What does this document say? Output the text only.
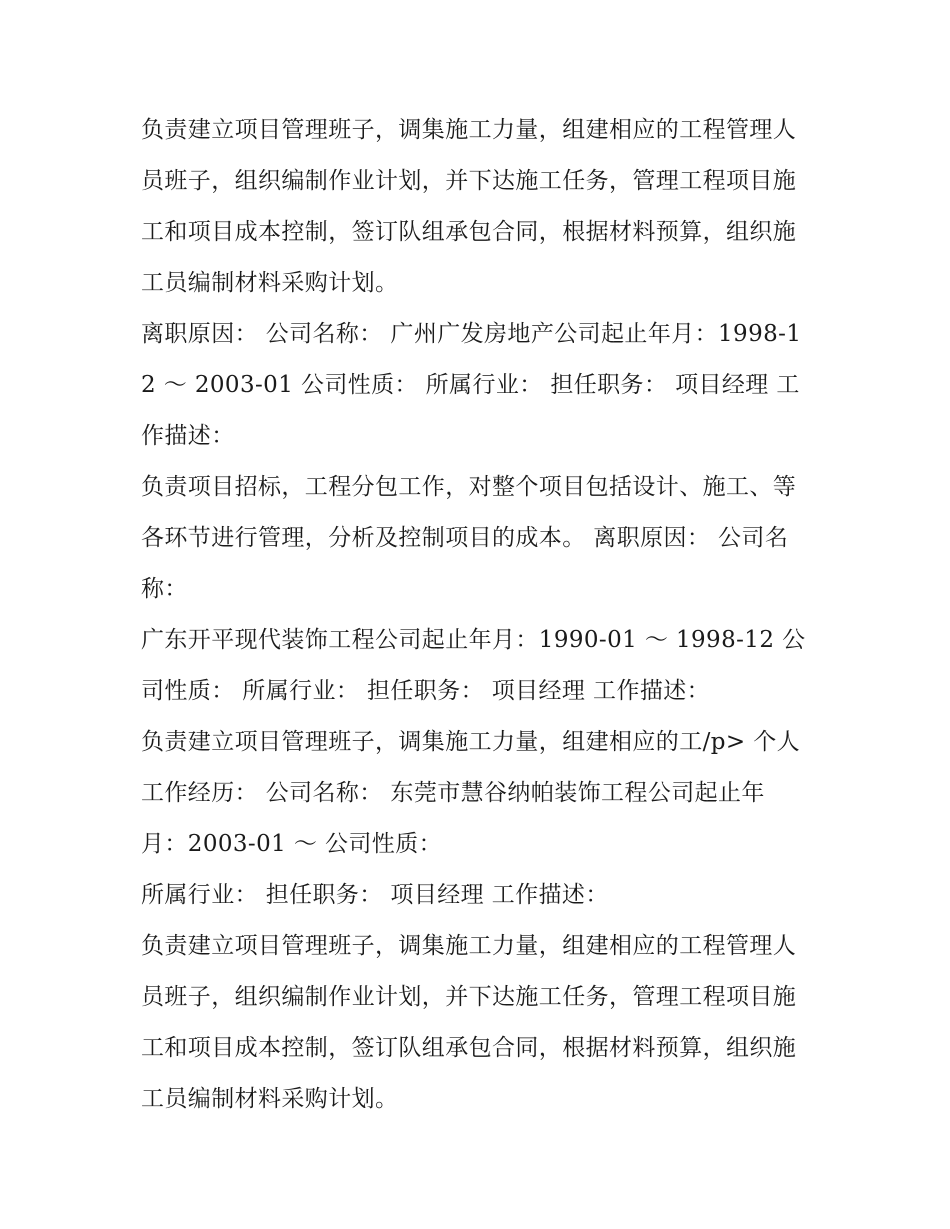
负责建立项目管理班子，调集施工力量，组建相应的工程管理人员班子，组织编制作业计划，并下达施工任务，管理工程项目施工和项目成本控制，签订队组承包合同，根据材料预算，组织施工员编制材料采购计划。

离职原因： 公司名称： 广州广发房地产公司起止年月：1998-12 ～ 2003-01 公司性质： 所属行业： 担任职务： 项目经理 工作描述：

负责项目招标，工程分包工作，对整个项目包括设计、施工、等各环节进行管理，分析及控制项目的成本。 离职原因： 公司名称：

广东开平现代装饰工程公司起止年月：1990-01 ～ 1998-12 公司性质： 所属行业： 担任职务： 项目经理 工作描述：

负责建立项目管理班子，调集施工力量，组建相应的工/p> 个人工作经历： 公司名称： 东莞市慧谷纳帕装饰工程公司起止年月：2003-01 ～ 公司性质：

所属行业： 担任职务： 项目经理 工作描述：

负责建立项目管理班子，调集施工力量，组建相应的工程管理人员班子，组织编制作业计划，并下达施工任务，管理工程项目施工和项目成本控制，签订队组承包合同，根据材料预算，组织施工员编制材料采购计划。
